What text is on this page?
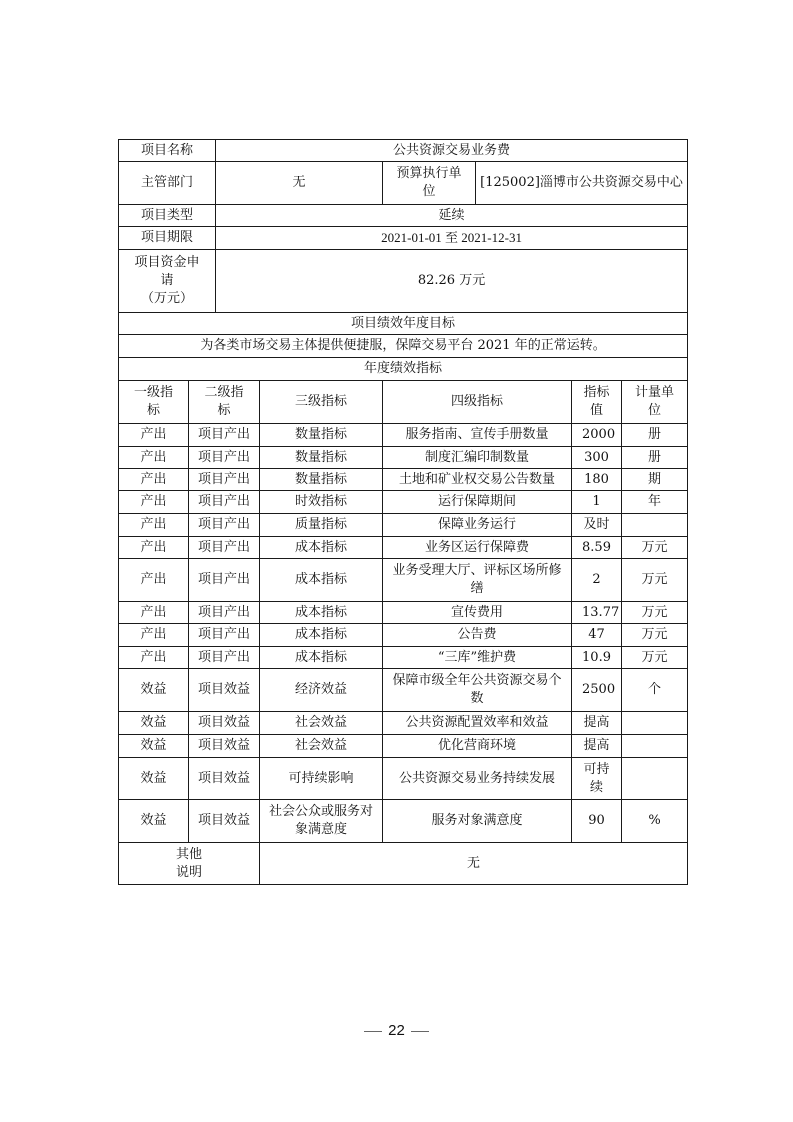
项目名称		公共资源交易业务费					
主管部门		无		预算执行单位	[125002]淄博市公共资源交易中心		
项目类型		延续					
项目期限		2021-01-01 至 2021-12-31					

项目资金申
请
（万元）		82.26 万元					
项目绩效年度目标							
为各类市场交易主体提供便捷服，保障交易平台 2021 年的正常运转。							
年度绩效指标							
一级指标	二级指标		三级指标	四级指标		指标值	计量单位
产出	项目产出		数量指标	服务指南、宣传手册数量		2000	册
产出	项目产出		数量指标	制度汇编印制数量		300	册
产出	项目产出		数量指标	土地和矿业权交易公告数量		180	期
产出	项目产出		时效指标	运行保障期间		1	年
产出	项目产出		质量指标	保障业务运行		及时	
产出	项目产出		成本指标	业务区运行保障费		8.59	万元
产出	项目产出		成本指标	业务受理大厅、评标区场所修缮		2	万元
产出	项目产出		成本指标	宣传费用		13.77	万元
产出	项目产出		成本指标	公告费		47	万元
产出	项目产出		成本指标	“三库”维护费		10.9	万元
效益	项目效益		经济效益	保障市级全年公共资源交易个数		2500	个
效益	项目效益		社会效益	公共资源配置效率和效益		提高	
效益	项目效益		社会效益	优化营商环境		提高	
效益	项目效益		可持续影响	公共资源交易业务持续发展		可持续	
效益	项目效益		社会公众或服务对象满意度	服务对象满意度		90	%

其他
说明			无				
22
